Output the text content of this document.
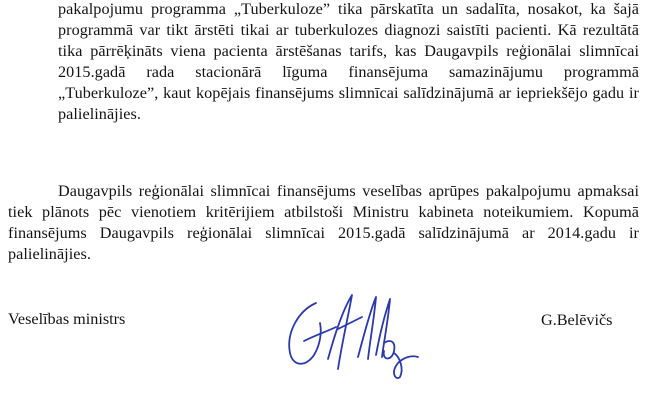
pakalpojumu programma „Tuberkuloze” tika pārskatīta un sadalīta, nosakot, ka šajā programmā var tikt ārstēti tikai ar tuberkulozes diagnozi saistīti pacienti. Kā rezultātā tika pārrēķināts viena pacienta ārstēšanas tarifs, kas Daugavpils reģionālai slimnīcai 2015.gadā rada stacionārā līguma finansējuma samazinājumu programmā „Tuberkuloze”, kaut kopējais finansējums slimnīcai salīdzinājumā ar iepriekšējo gadu ir palielinājies.
Daugavpils reģionālai slimnīcai finansējums veselības aprūpes pakalpojumu apmaksai tiek plānots pēc vienotiem kritērijiem atbilstoši Ministru kabineta noteikumiem. Kopumā finansējums Daugavpils reģionālai slimnīcai 2015.gadā salīdzinājumā ar 2014.gadu ir palielinājies.
Veselības ministrs	G.Belēvičs
